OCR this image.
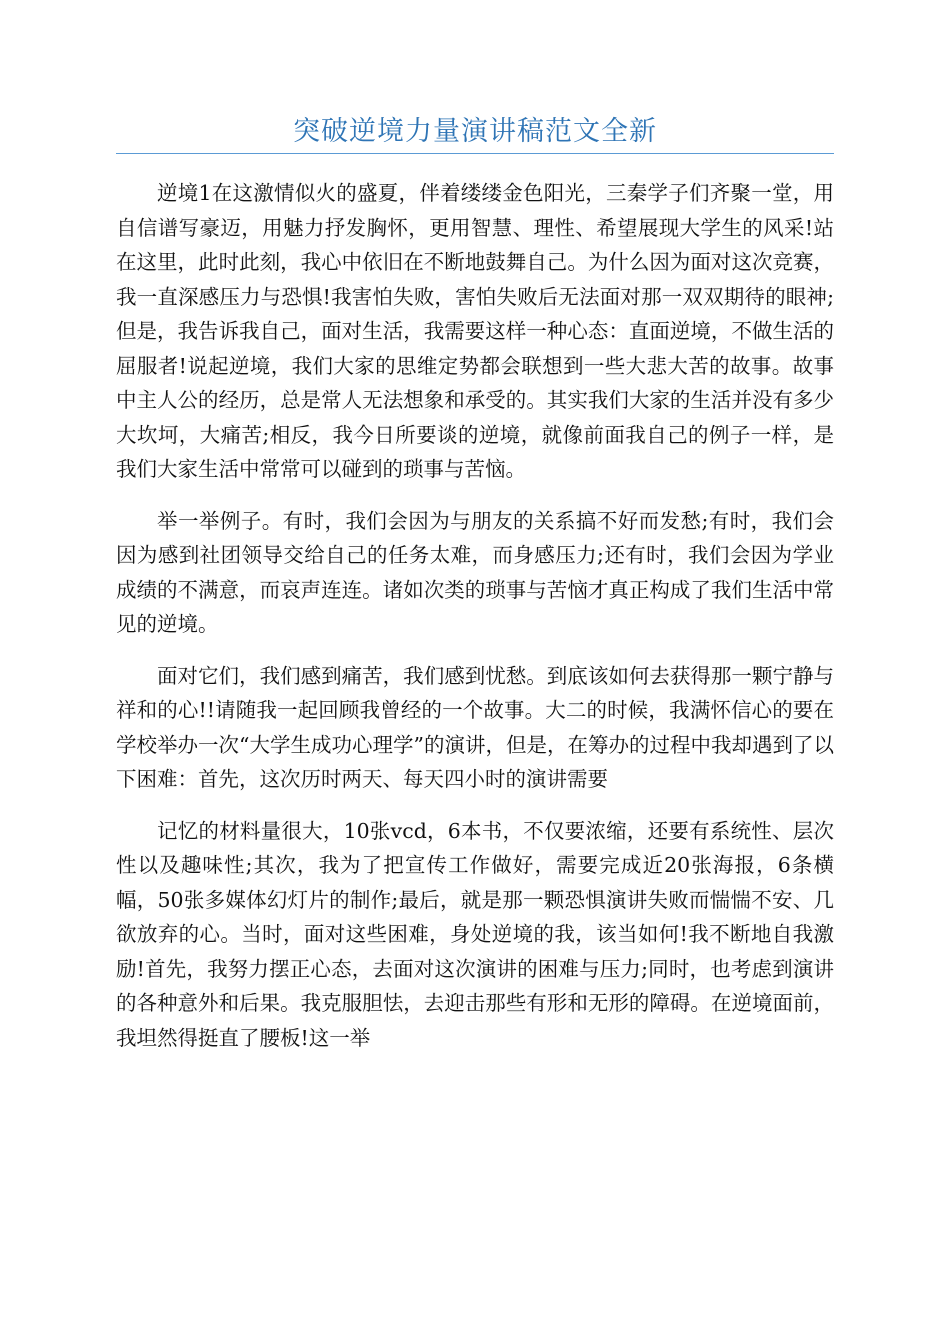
突破逆境力量演讲稿范文全新

逆境1在这激情似火的盛夏，伴着缕缕金色阳光，三秦学子们齐聚一堂，用自信谱写豪迈，用魅力抒发胸怀，更用智慧、理性、希望展现大学生的风采!站在这里，此时此刻，我心中依旧在不断地鼓舞自己。为什么因为面对这次竞赛，我一直深感压力与恐惧!我害怕失败，害怕失败后无法面对那一双双期待的眼神;但是，我告诉我自己，面对生活，我需要这样一种心态：直面逆境，不做生活的屈服者!说起逆境，我们大家的思维定势都会联想到一些大悲大苦的故事。故事中主人公的经历，总是常人无法想象和承受的。其实我们大家的生活并没有多少大坎坷，大痛苦;相反，我今日所要谈的逆境，就像前面我自己的例子一样，是我们大家生活中常常可以碰到的琐事与苦恼。

举一举例子。有时，我们会因为与朋友的关系搞不好而发愁;有时，我们会因为感到社团领导交给自己的任务太难，而身感压力;还有时，我们会因为学业成绩的不满意，而哀声连连。诸如次类的琐事与苦恼才真正构成了我们生活中常见的逆境。

面对它们，我们感到痛苦，我们感到忧愁。到底该如何去获得那一颗宁静与祥和的心!!请随我一起回顾我曾经的一个故事。大二的时候，我满怀信心的要在学校举办一次“大学生成功心理学”的演讲，但是，在筹办的过程中我却遇到了以下困难：首先，这次历时两天、每天四小时的演讲需要

记忆的材料量很大，10张vcd，6本书，不仅要浓缩，还要有系统性、层次性以及趣味性;其次，我为了把宣传工作做好，需要完成近20张海报，6条横幅，50张多媒体幻灯片的制作;最后，就是那一颗恐惧演讲失败而惴惴不安、几欲放弃的心。当时，面对这些困难，身处逆境的我，该当如何!我不断地自我激励!首先，我努力摆正心态，去面对这次演讲的困难与压力;同时，也考虑到演讲的各种意外和后果。我克服胆怯，去迎击那些有形和无形的障碍。在逆境面前，我坦然得挺直了腰板!这一举
